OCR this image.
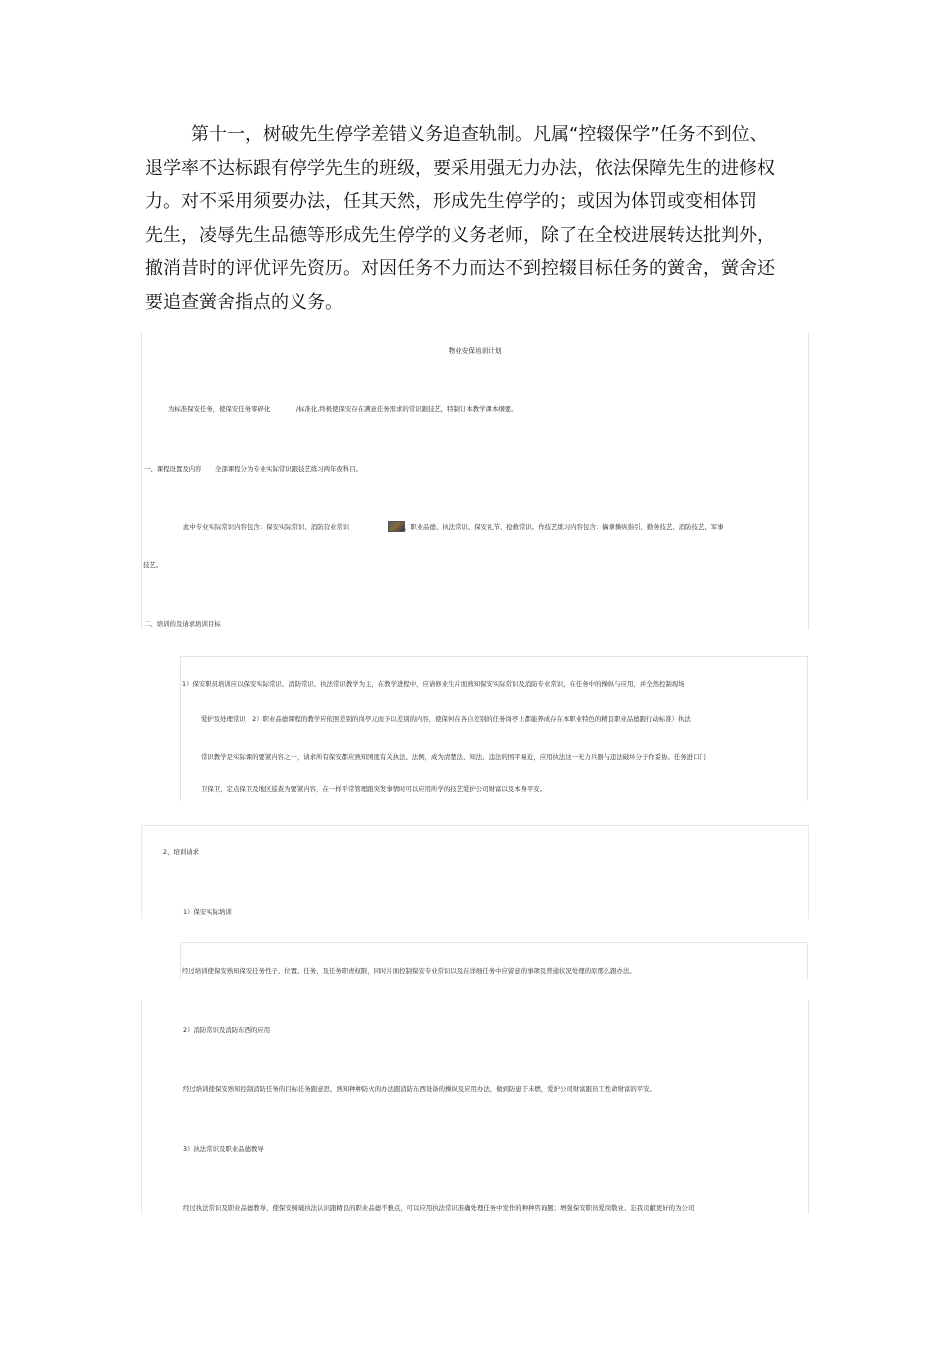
第十一，树破先生停学差错义务追查轨制。凡属“控辍保学”任务不到位、
退学率不达标跟有停学先生的班级，要采用强无力办法，依法保障先生的进修权
力。对不采用须要办法，任其天然，形成先生停学的；或因为体罚或变相体罚
先生，凌辱先生品德等形成先生停学的义务老师，除了在全校进展转达批判外，
撤消昔时的评优评先资历。对因任务不力而达不到控辍目标任务的黉舍，黉舍还
要追查黉舍指点的义务。

物业安保培训计划

为标准保安任务，使保安任务零碎化	/标准化,终极使保安存在满意任务需求的常识跟技艺，特制订本教学课本纲要。

一、课程设置及内容 全部课程分为专业实际常识跟技艺练习两年夜科目。

此中专业实际常识内容包含：保安实际常识、消防营业常识	、职业品德、执法常识、保安礼节、抢救常识。作技艺练习内容包含：擒拿操纵指引、勤务技艺、消防技艺、军事

技艺。

二、培训的及请求培训目标

1）保安职员培训应以保安实际常识、消防常识、执法常识教学为主，在教学进程中，应请修业生片面熟知保安实际常识及消防专业常识，在任务中的操纵与应用，并全然控制现场

爱护及处理常识　2）职业品德课程的教学应依照差别的岗亭元而予以差别的内容，使保何在各自差别的任务岗亭上都能养成存在本职业特色的精良职业品德跟行动标准）执法

常识教学是实际课的要紧内容之一，请求所有保安都应熟知国度有关执法、法例，成为清楚法、知法、违法的国平易近，应用执法这一无力兵器与违法破坏分子作妥协。任务进口门

卫保卫，定点保卫及地区巡查为要紧内容，在一样平常管理跟突发事情时可以应用所学的技艺爱护公司财富以及本身平安。

2、培训请求

1）保安实际培训

经过培训使保安熟知保安任务性子、位置、任务、及任务职责权限，同时片面控制保安专业常识以及在详细任务中应留意的事项及普通状况处理的原那么跟办法。

2）消防常识及消防东西的应用

经过培训使保安熟知控制消防任务的目标任务跟意思，熟知种种防火的办法跟消防东西设备的操纵及应用办法，做到防患于未燃，爱护公司财富跟员工性命财富的平安。

3）执法常识及职业品德教导

经过执法常识及职业品德教导，使保安树破执法认识跟精良的职业品德不雅点，可以应用执法常识准确处理任务中发作的种种咨询题；增强保安职员爱岗敬业、忘我贡献更好的为公司
